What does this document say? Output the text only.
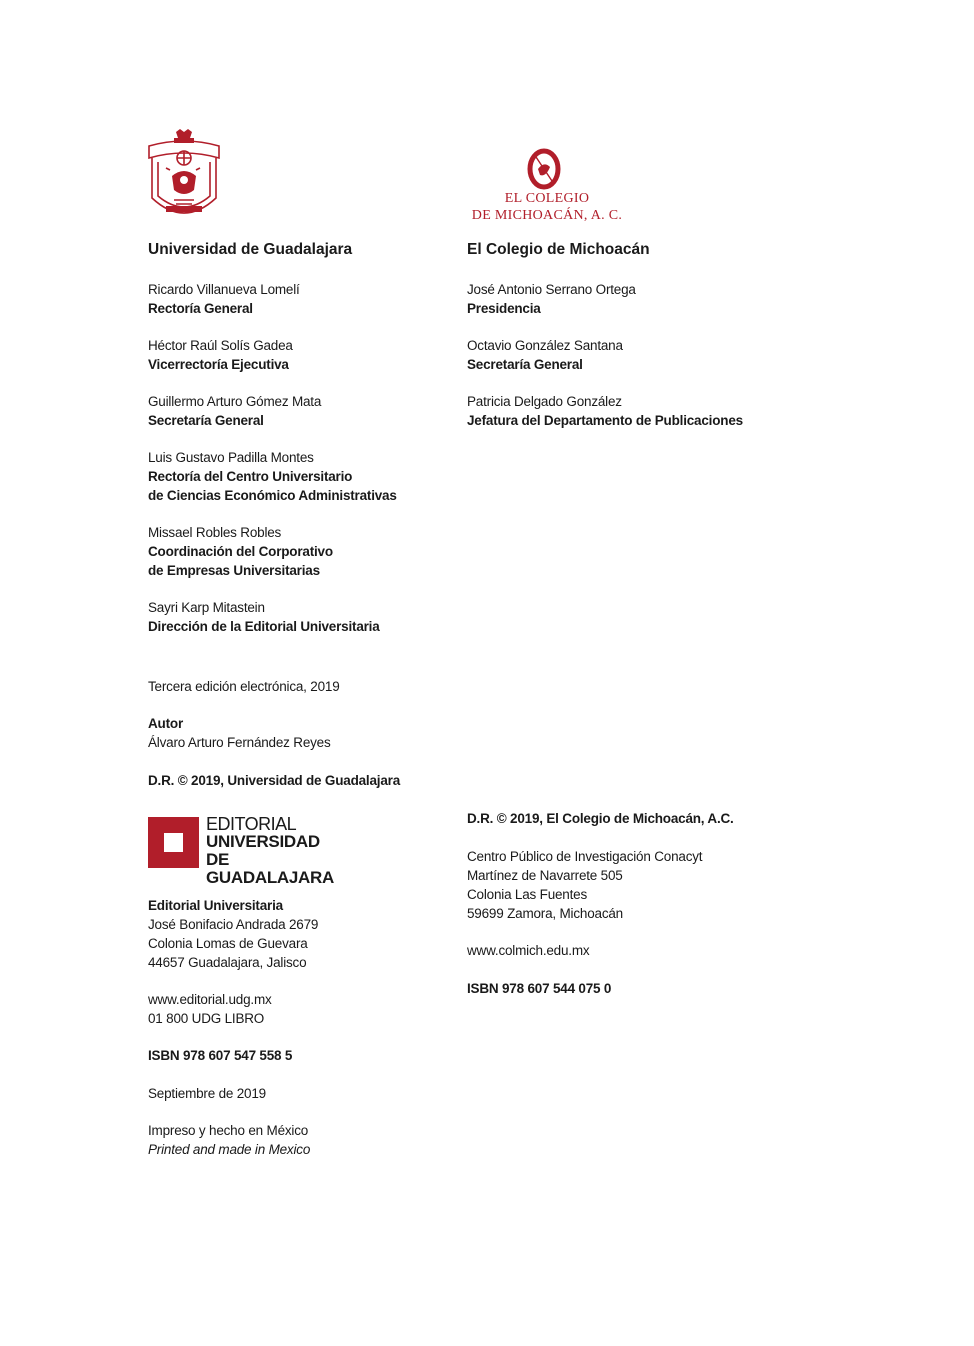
EL COLEGIO
DE MICHOACÁN, A. C.
Universidad de Guadalajara
Ricardo Villanueva Lomelí
Rectoría General
Héctor Raúl Solís Gadea
Vicerrectoría Ejecutiva
Guillermo Arturo Gómez Mata
Secretaría General
Luis Gustavo Padilla Montes
Rectoría del Centro Universitario
de Ciencias Económico Administrativas
Missael Robles Robles
Coordinación del Corporativo
de Empresas Universitarias
Sayri Karp Mitastein
Dirección de la Editorial Universitaria
Tercera edición electrónica, 2019
Autor
Álvaro Arturo Fernández Reyes
D.R. © 2019, Universidad de Guadalajara
EDITORIAL
UNIVERSIDAD
DE GUADALAJARA
Editorial Universitaria
José Bonifacio Andrada 2679
Colonia Lomas de Guevara
44657 Guadalajara, Jalisco
www.editorial.udg.mx
01 800 UDG LIBRO
ISBN 978 607 547 558 5
Septiembre de 2019
Impreso y hecho en México
Printed and made in Mexico
El Colegio de Michoacán
José Antonio Serrano Ortega
Presidencia
Octavio González Santana
Secretaría General
Patricia Delgado González
Jefatura del Departamento de Publicaciones
D.R. © 2019, El Colegio de Michoacán, A.C.
Centro Público de Investigación Conacyt
Martínez de Navarrete 505
Colonia Las Fuentes
59699 Zamora, Michoacán
www.colmich.edu.mx
ISBN 978 607 544 075 0
